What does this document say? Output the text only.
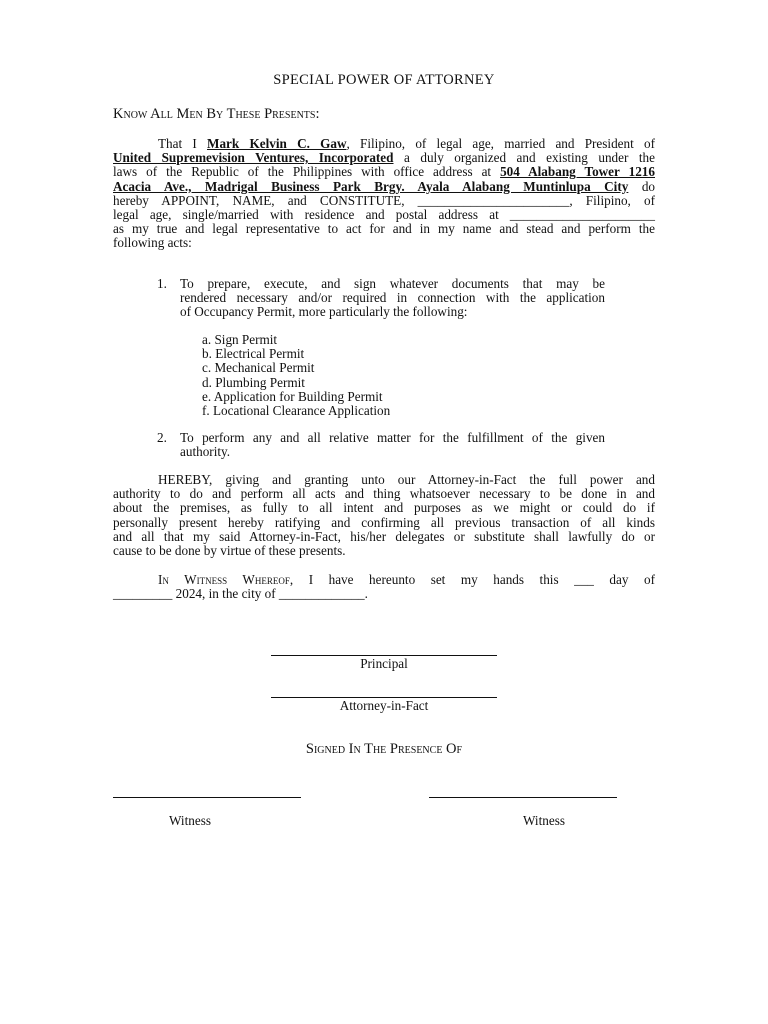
SPECIAL POWER OF ATTORNEY
Know All Men By These Presents:
That I Mark Kelvin C. Gaw, Filipino, of legal age, married and President of
United Supremevision Ventures, Incorporated a duly organized and existing under the
laws of the Republic of the Philippines with office address at 504 Alabang Tower 1216
Acacia Ave., Madrigal Business Park Brgy. Ayala Alabang Muntinlupa City do
hereby APPOINT, NAME, and CONSTITUTE, _______________________, Filipino, of
legal age, single/married with residence and postal address at ______________________
as my true and legal representative to act for and in my name and stead and perform the
following acts:
1. To prepare, execute, and sign whatever documents that may be
rendered necessary and/or required in connection with the application
of Occupancy Permit, more particularly the following:
a. Sign Permit
b. Electrical Permit
c. Mechanical Permit
d. Plumbing Permit
e. Application for Building Permit
f. Locational Clearance Application
2. To perform any and all relative matter for the fulfillment of the given
authority.
HEREBY, giving and granting unto our Attorney-in-Fact the full power and
authority to do and perform all acts and thing whatsoever necessary to be done in and
about the premises, as fully to all intent and purposes as we might or could do if
personally present hereby ratifying and confirming all previous transaction of all kinds
and all that my said Attorney-in-Fact, his/her delegates or substitute shall lawfully do or
cause to be done by virtue of these presents.
In Witness Whereof, I have hereunto set my hands this ___ day of
_________ 2024, in the city of _____________.
Principal
Attorney-in-Fact
Signed In The Presence Of
Witness	Witness
